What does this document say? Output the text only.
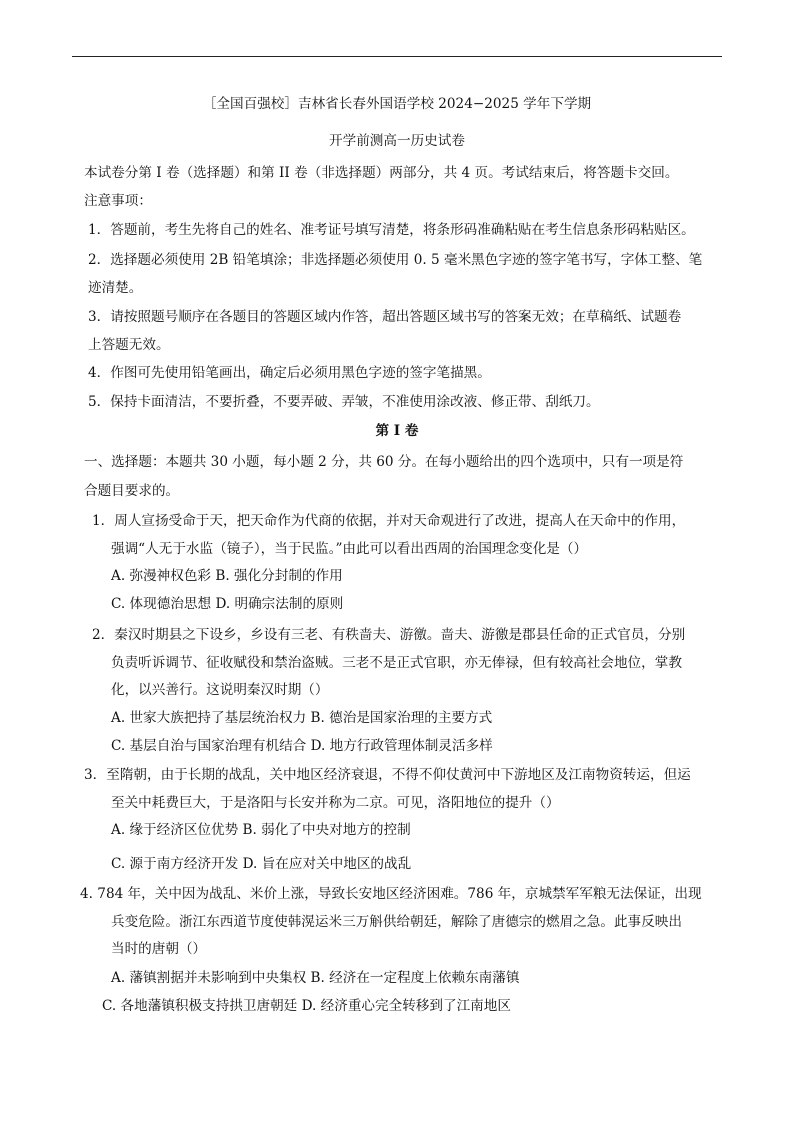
［全国百强校］吉林省长春外国语学校 2024−2025 学年下学期
开学前测高一历史试卷
本试卷分第 I 卷（选择题）和第 II 卷（非选择题）两部分，共 4 页。考试结束后，将答题卡交回。
注意事项：
1．答题前，考生先将自己的姓名、准考证号填写清楚，将条形码准确粘贴在考生信息条形码粘贴区。
2．选择题必须使用 2B 铅笔填涂；非选择题必须使用 0. 5 毫米黑色字迹的签字笔书写，字体工整、笔
迹清楚。
3．请按照题号顺序在各题目的答题区域内作答，超出答题区域书写的答案无效；在草稿纸、试题卷
上答题无效。
4．作图可先使用铅笔画出，确定后必须用黑色字迹的签字笔描黑。
5．保持卡面清洁，不要折叠，不要弄破、弄皱，不准使用涂改液、修正带、刮纸刀。
第 I 卷
一、选择题：本题共 30 小题，每小题 2 分，共 60 分。在每小题给出的四个选项中，只有一项是符
合题目要求的。
1．周人宣扬受命于天，把天命作为代商的依据，并对天命观进行了改进，提高人在天命中的作用，
强调“人无于水监（镜子），当于民监。”由此可以看出西周的治国理念变化是（）
A. 弥漫神权色彩 B. 强化分封制的作用
C. 体现德治思想 D. 明确宗法制的原则
2．秦汉时期县之下设乡，乡设有三老、有秩啬夫、游徼。啬夫、游徼是郡县任命的正式官员，分别
负责听诉调节、征收赋役和禁治盗贼。三老不是正式官职，亦无俸禄，但有较高社会地位，掌教
化，以兴善行。这说明秦汉时期（）
A. 世家大族把持了基层统治权力 B. 德治是国家治理的主要方式
C. 基层自治与国家治理有机结合 D. 地方行政管理体制灵活多样
3．至隋朝，由于长期的战乱，关中地区经济衰退，不得不仰仗黄河中下游地区及江南物资转运，但运
至关中耗费巨大，于是洛阳与长安并称为二京。可见，洛阳地位的提升（）
A. 缘于经济区位优势 B. 弱化了中央对地方的控制
C. 源于南方经济开发 D. 旨在应对关中地区的战乱
4. 784 年，关中因为战乱、米价上涨，导致长安地区经济困难。786 年，京城禁军军粮无法保证，出现
兵变危险。浙江东西道节度使韩滉运米三万斛供给朝廷，解除了唐德宗的燃眉之急。此事反映出
当时的唐朝（）
A. 藩镇割据并未影响到中央集权 B. 经济在一定程度上依赖东南藩镇
C. 各地藩镇积极支持拱卫唐朝廷 D. 经济重心完全转移到了江南地区
